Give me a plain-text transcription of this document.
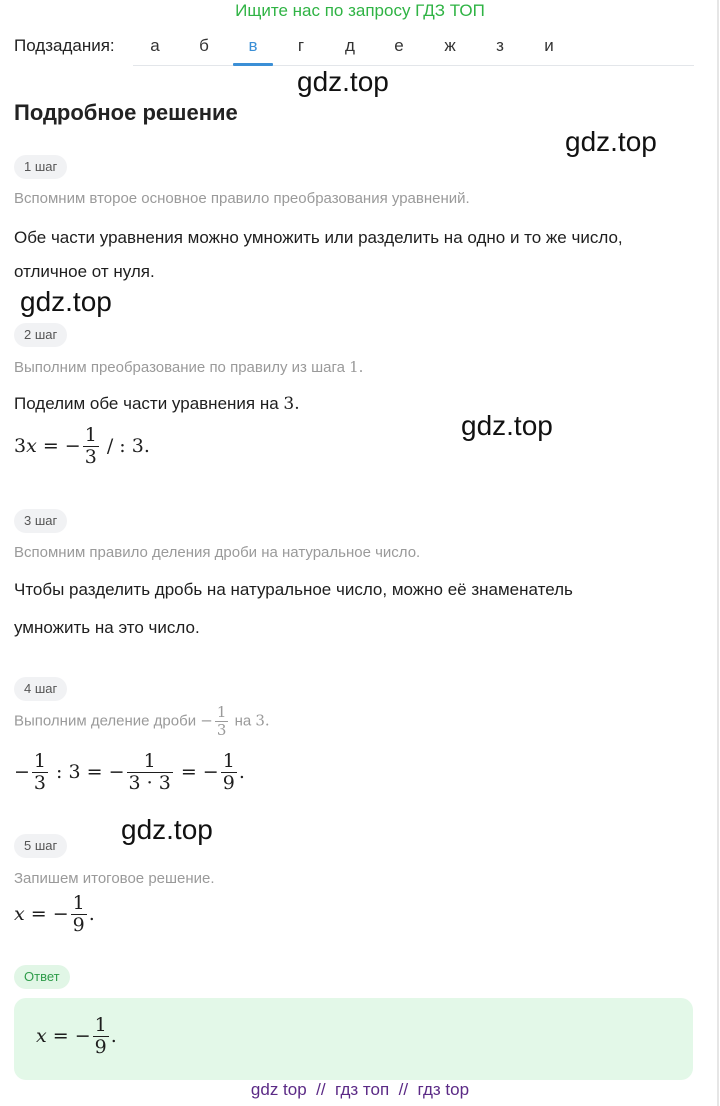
Ищите нас по запросу ГДЗ ТОП
Подзадания:	а	б	в	г	д	е	ж	з	и
gdz.top
gdz.top
gdz.top
gdz.top
gdz.top
Подробное решение
1 шаг
Вспомним второе основное правило преобразования уравнений.
Обе части уравнения можно умножить или разделить на одно и то же число,
отличное от нуля.
2 шаг
Выполним преобразование по правилу из шага 1.
Поделим обе части уравнения на 3.
3x = − $\frac{1}{3}$ / : 3.
3 шаг
Вспомним правило деления дроби на натуральное число.
Чтобы разделить дробь на натуральное число, можно её знаменатель
умножить на это число.
4 шаг
Выполним деление дроби − $\frac{1}{3}$ на 3.
− $\frac{1}{3}$ : 3 = − $\frac{1}{3 \cdot 3}$ = − $\frac{1}{9}$ .
5 шаг
Запишем итоговое решение.
x = − $\frac{1}{9}$ .
Ответ
x = − $\frac{1}{9}$ .
gdz top // гдз топ // гдз top
